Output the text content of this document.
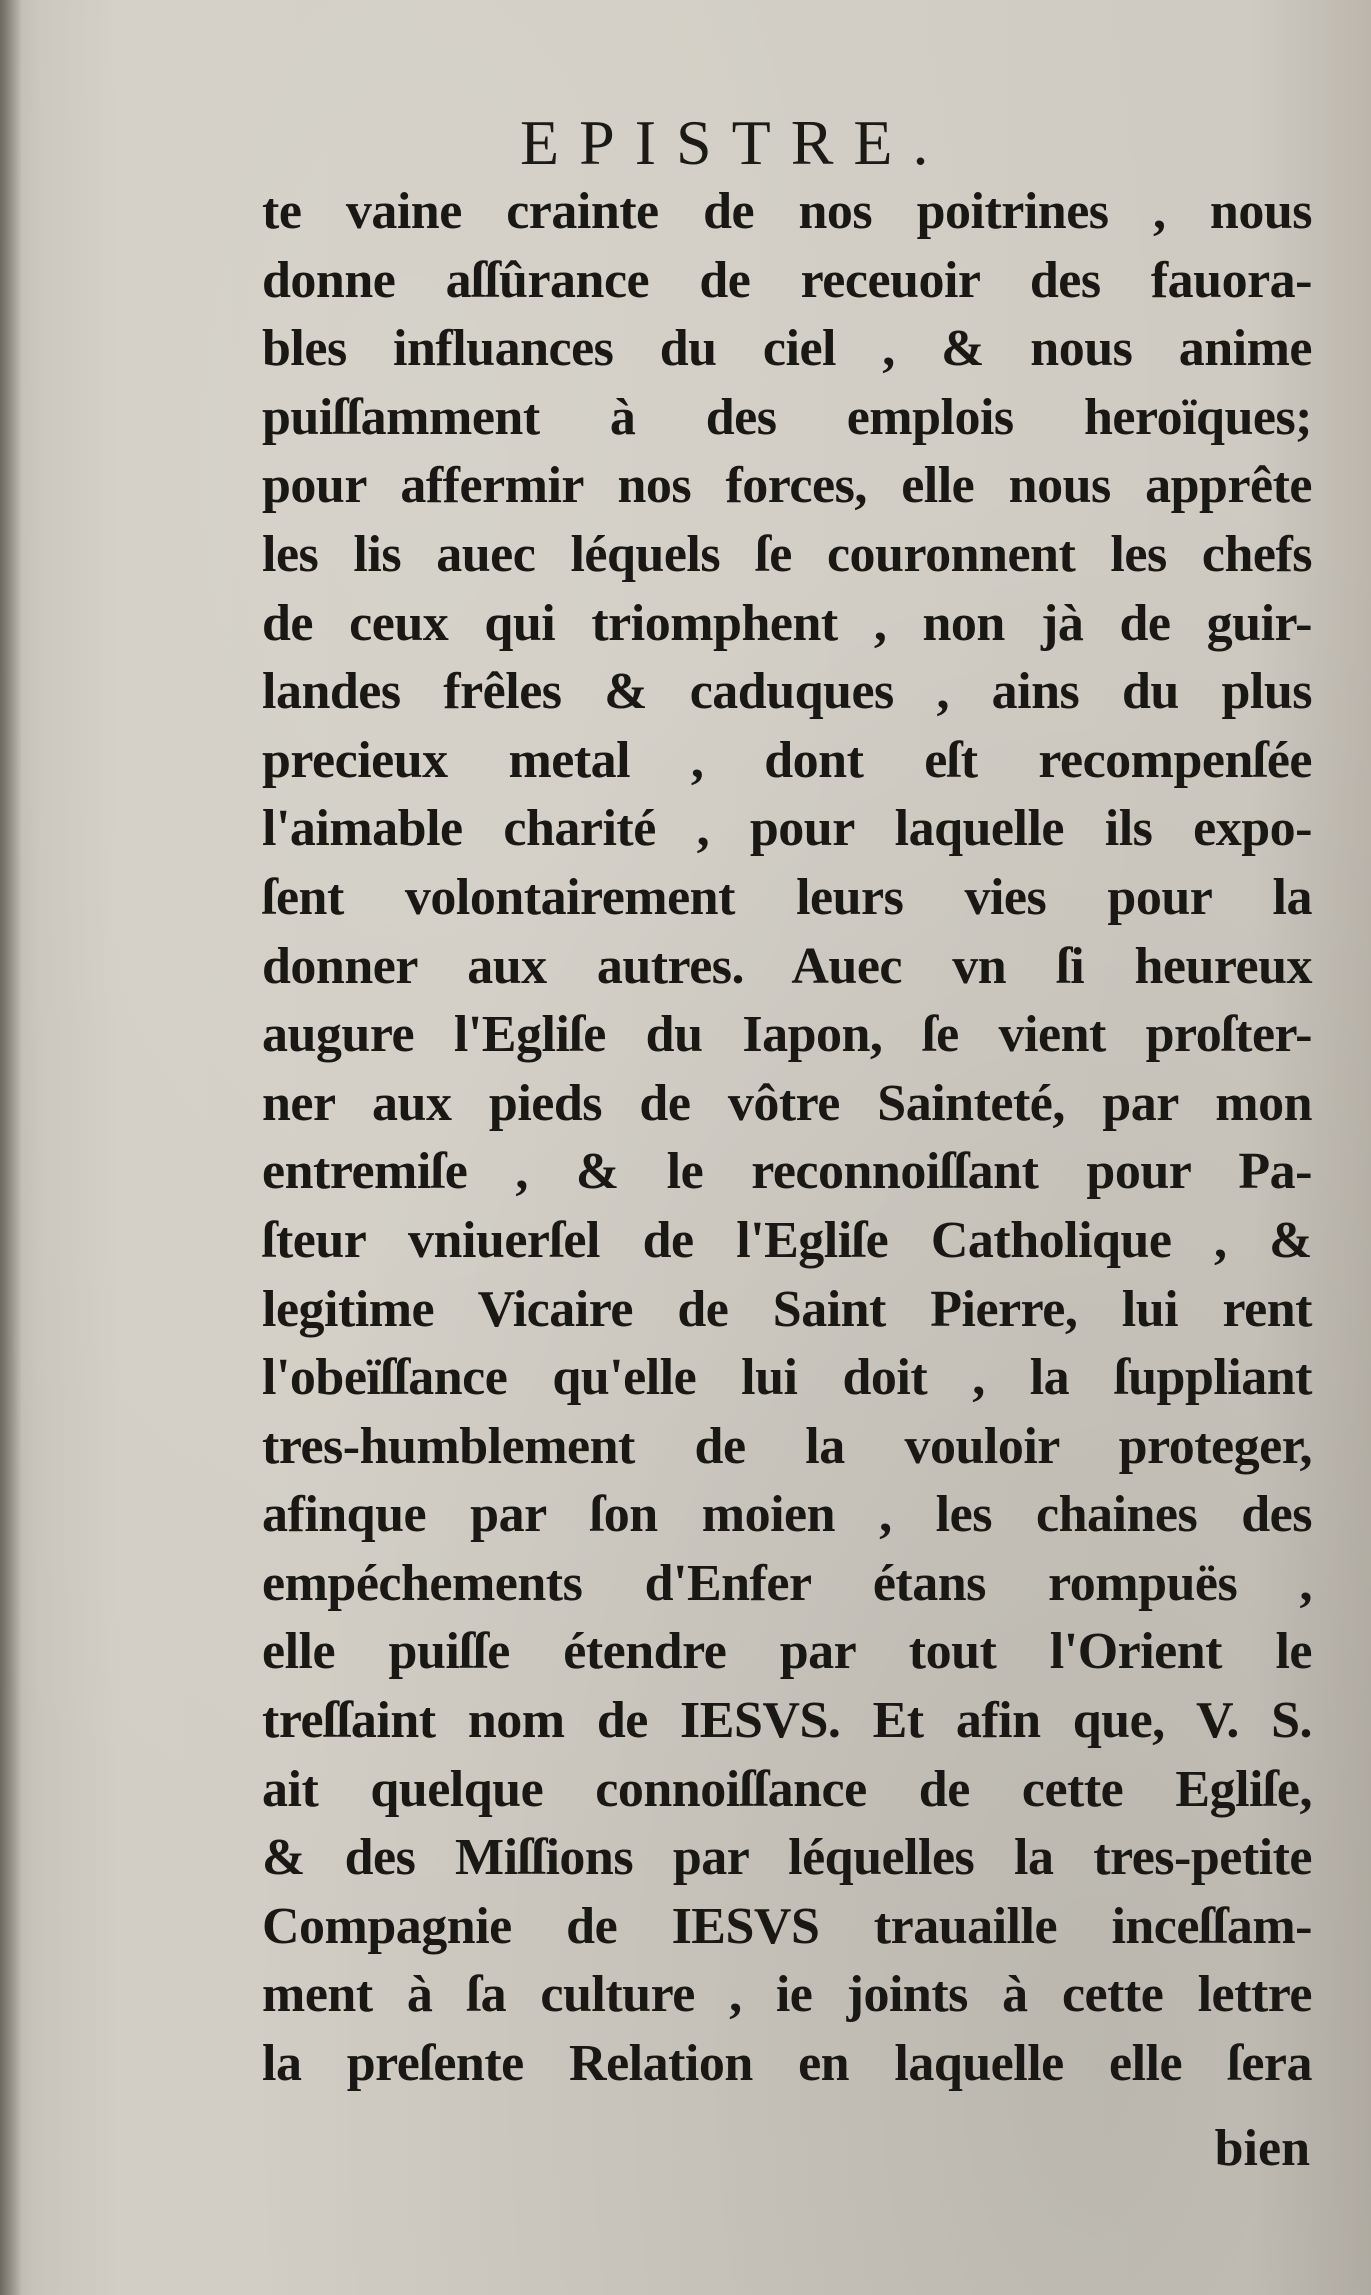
EPISTRE.
te vaine crainte de nos poitrines , nous
donne aſſûrance de receuoir des fauora-
bles influances du ciel , & nous anime
puiſſamment à des emplois heroïques;
pour affermir nos forces, elle nous apprête
les lis auec léquels ſe couronnent les chefs
de ceux qui triomphent , non jà de guir-
landes frêles & caduques , ains du plus
precieux metal , dont eſt recompenſée
l'aimable charité , pour laquelle ils expo-
ſent volontairement leurs vies pour la
donner aux autres. Auec vn ſi heureux
augure l'Egliſe du Iapon, ſe vient proſter-
ner aux pieds de vôtre Sainteté, par mon
entremiſe , & le reconnoiſſant pour Pa-
ſteur vniuerſel de l'Egliſe Catholique , &
legitime Vicaire de Saint Pierre, lui rent
l'obeïſſance qu'elle lui doit , la ſuppliant
tres-humblement de la vouloir proteger,
afinque par ſon moien , les chaines des
empéchements d'Enfer étans rompuës ,
elle puiſſe étendre par tout l'Orient le
treſſaint nom de IESVS. Et afin que, V. S.
ait quelque connoiſſance de cette Egliſe,
& des Miſſions par léquelles la tres-petite
Compagnie de IESVS trauaille inceſſam-
ment à ſa culture , ie joints à cette lettre
la preſente Relation en laquelle elle ſera
bien
